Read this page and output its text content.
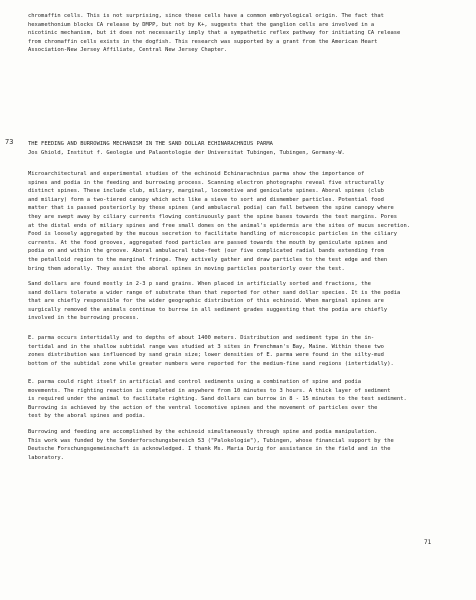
chromaffin cells. This is not surprising, since these cells have a common embryological origin. The fact that
hexamethonium blocks CA release by DMPP, but not by K+, suggests that the ganglion cells are involved in a
nicotinic mechanism, but it does not necessarily imply that a sympathetic reflex pathway for initiating CA release
from chromaffin cells exists in the dogfish. This research was supported by a grant from the American Heart
Association-New Jersey Affiliate, Central New Jersey Chapter.
73	THE FEEDING AND BURROWING MECHANISM IN THE SAND DOLLAR ECHINARACHNIUS PARMA
Jos Ghiold, Institut f. Geologie und Palaontologie der Universitat Tubingen, Tubingen, Germany-W.
Microarchitectural and experimental studies of the echinoid Echinarachnius parma show the importance of
spines and podia in the feeding and burrowing process. Scanning electron photographs reveal five structurally
distinct spines. These include club, miliary, marginal, locomotive and geniculate spines. Aboral spines (club
and miliary) form a two-tiered canopy which acts like a sieve to sort and dismember particles. Potential food
matter that is passed posteriorly by these spines (and ambulacral podia) can fall between the spine canopy where
they are swept away by ciliary currents flowing continuously past the spine bases towards the test margins. Pores
at the distal ends of miliary spines and free small domes on the animal's epidermis are the sites of mucus secretion.
Food is loosely aggregated by the mucous secretion to facilitate handling of microscopic particles in the ciliary
currents. At the food grooves, aggregated food particles are passed towards the mouth by geniculate spines and
podia on and within the groove. Aboral ambulacral tube-feet (our five complicated radial bands extending from
the petalloid region to the marginal fringe. They actively gather and draw particles to the test edge and then
bring them adorally. They assist the aboral spines in moving particles posteriorly over the test.
Sand dollars are found mostly in 2-3 p sand grains. When placed in artificially sorted and fractions, the
sand dollars tolerate a wider range of substrate than that reported for other sand dollar species. It is the podia
that are chiefly responsible for the wider geographic distribution of this echinoid. When marginal spines are
surgically removed the animals continue to burrow in all sediment grades suggesting that the podia are chiefly
involved in the burrowing process.
E. parma occurs intertidally and to depths of about 1400 meters. Distribution and sediment type in the in-
tertidal and in the shallow subtidal range was studied at 3 sites in Frenchman's Bay, Maine. Within these two
zones distribution was influenced by sand grain size; lower densities of E. parma were found in the silty-mud
bottom of the subtidal zone while greater numbers were reported for the medium-fine sand regions (intertidally).
E. parma could right itself in artificial and control sediments using a combination of spine and podia
movements. The righting reaction is completed in anywhere from 10 minutes to 3 hours. A thick layer of sediment
is required under the animal to facilitate righting. Sand dollars can burrow in 8 - 15 minutes to the test sediment.
Burrowing is achieved by the action of the ventral locomotive spines and the movement of particles over the
test by the aboral spines and podia.
Burrowing and feeding are accomplished by the echinoid simultaneously through spine and podia manipulation.
This work was funded by the Sonderforschungsbereich 53 ("Palokologie"), Tubingen, whose financial support by the
Deutsche Forschungsgemeinschaft is acknowledged. I thank Ms. Maria Durig for assistance in the field and in the
laboratory.
71
